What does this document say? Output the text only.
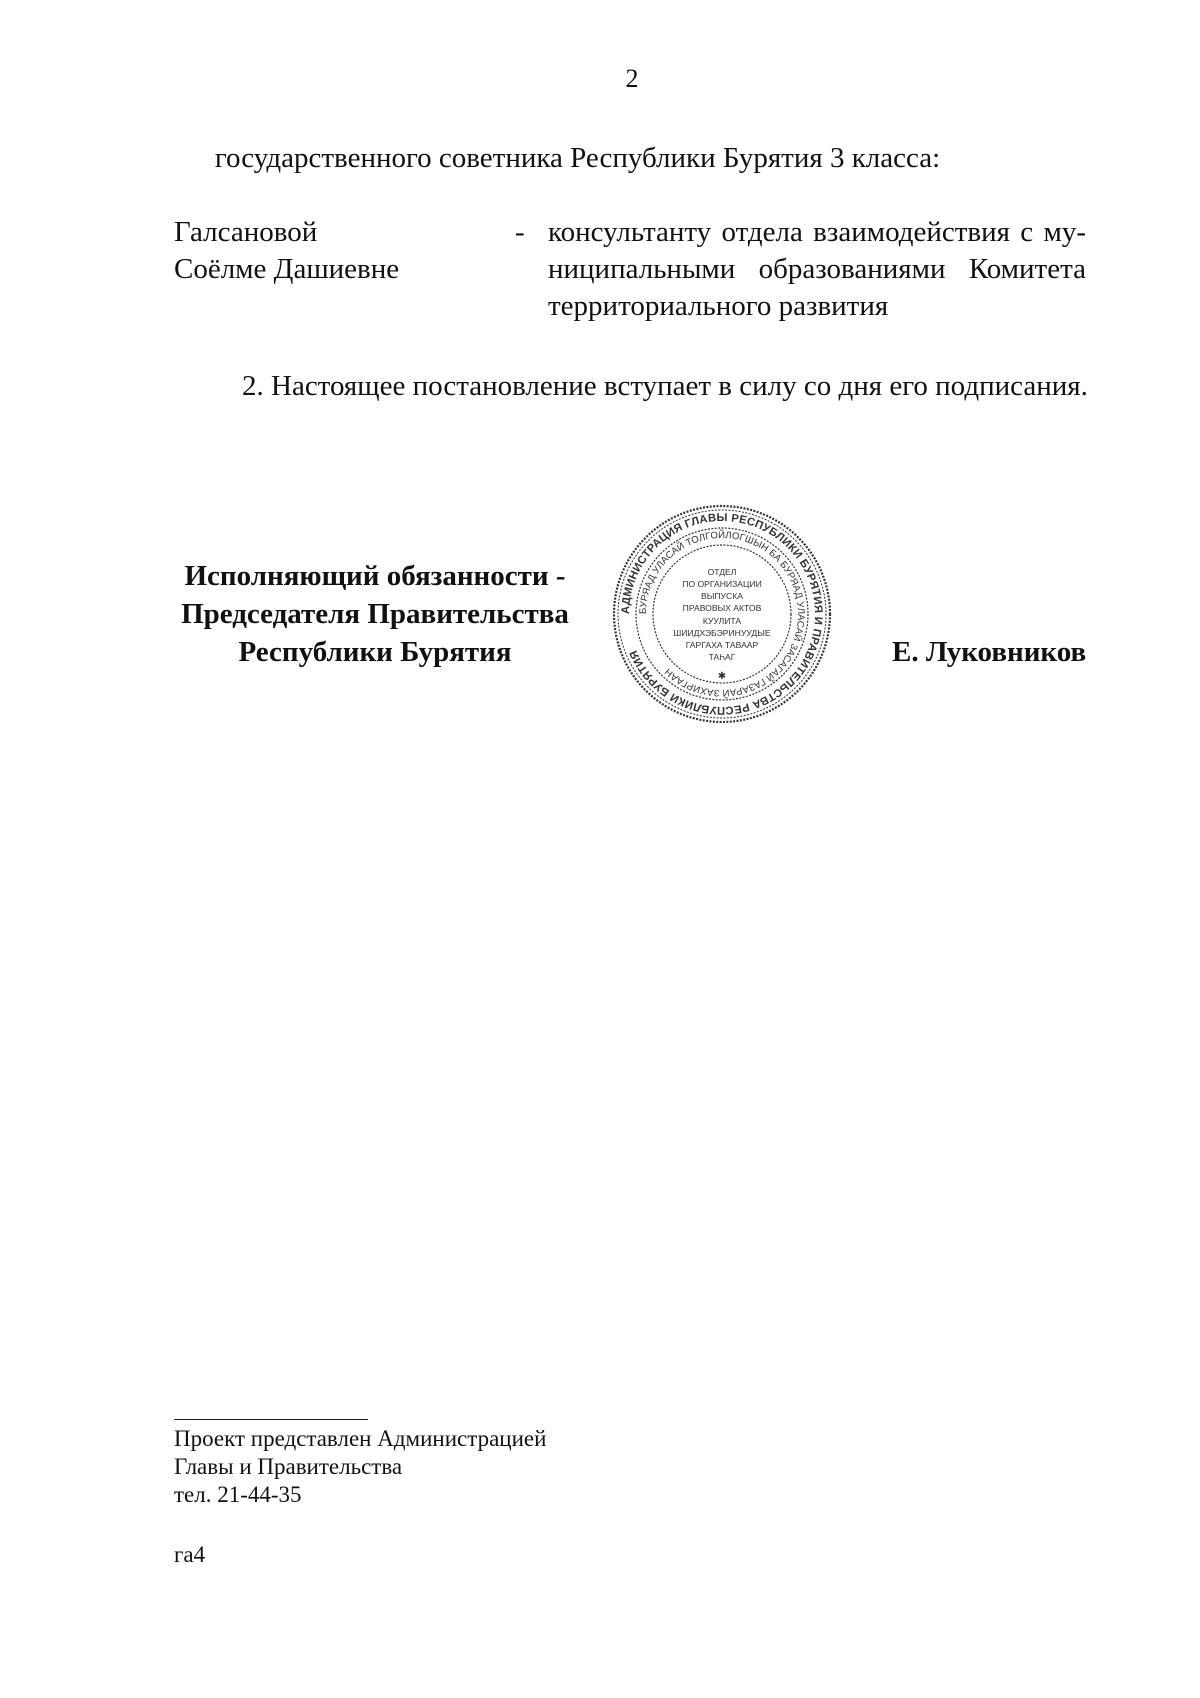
2
государственного советника Республики Бурятия 3 класса:
Галсановой
Соёлме Дашиевне
- консультанту отдела взаимодействия с му-
ниципальными образованиями Комитета
территориального развития
2. Настоящее постановление вступает в силу со дня его подписания.
Исполняющий обязанности -
Председателя Правительства
Республики Бурятия
АДМИНИСТРАЦИЯ ГЛАВЫ РЕСПУБЛИКИ БУРЯТИЯ И ПРАВИТЕЛЬСТВА РЕСПУБЛИКИ БУРЯТИЯ
БУРЯАД УЛАСАЙ ТОЛГОЙЛОГШЫН БА БУРЯАД УЛАСАЙ ЗАСАГАЙ ГАЗАРАЙ ЗАХИРГААН
ОТДЕЛ
ПО ОРГАНИЗАЦИИ
ВЫПУСКА
ПРАВОВЫХ АКТОВ
КУУЛИТА
ШИИДХЭБЭРИНУУДЫЕ
ГАРГАХА ТАВААР
ТАҺАГ
✱
Е. Луковников
Проект представлен Администрацией
Главы и Правительства
тел. 21-44-35
га4
